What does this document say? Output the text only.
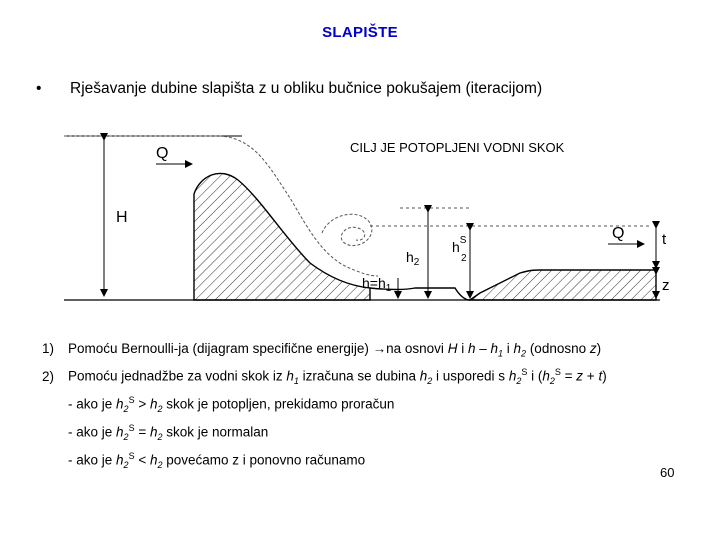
SLAPIŠTE
• Rješavanje dubine slapišta z u obliku bučnice pokušajem (iteracijom)
H
Q	CILJ JE POTOPLJENI VODNI SKOK
$h=h_1$
$h_2$
$h^S$
2
Q	t
z
1) Pomoću Bernoulli-ja (dijagram specifične energije) →na osnovi H i h – $h_1$ i $h_2$ (odnosno z)
2) Pomoću jednadžbe za vodni skok iz $h_1$ izračuna se dubina $h_2$ i usporedi s $h_2^S$ i $(h_2^S = z + t)$
- ako je $h_2^S > h_2$ skok je potopljen, prekidamo proračun
- ako je $h_2^S = h_2$ skok je normalan
- ako je $h_2^S < h_2$ povećamo z i ponovno računamo
60
